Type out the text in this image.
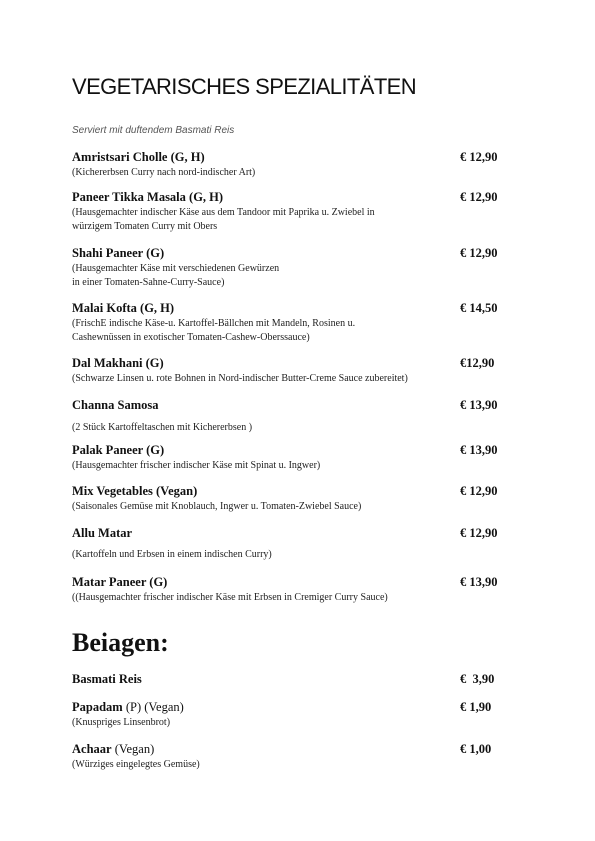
VEGETARISCHES SPEZIALITÄTEN
Serviert mit duftendem Basmati Reis
Amristsari Cholle (G, H)	€ 12,90
(Kichererbsen Curry nach nord-indischer Art)
Paneer Tikka Masala (G, H)	€ 12,90
(Hausgemachter indischer Käse aus dem Tandoor mit Paprika u. Zwiebel in
würzigem Tomaten Curry mit Obers
Shahi Paneer (G)	€ 12,90
(Hausgemachter Käse mit verschiedenen Gewürzen
in einer Tomaten-Sahne-Curry-Sauce)
Malai Kofta (G, H)	€ 14,50
(FrischE indische Käse-u. Kartoffel-Bällchen mit Mandeln, Rosinen u.
Cashewnüssen in exotischer Tomaten-Cashew-Oberssauce)
Dal Makhani (G)	€12,90
(Schwarze Linsen u. rote Bohnen in Nord-indischer Butter-Creme Sauce zubereitet)
Channa Samosa	€ 13,90
(2 Stück Kartoffeltaschen mit Kichererbsen )
Palak Paneer (G)	€ 13,90
(Hausgemachter frischer indischer Käse mit Spinat u. Ingwer)
Mix Vegetables (Vegan)	€ 12,90
(Saisonales Gemüse mit Knoblauch, Ingwer u. Tomaten-Zwiebel Sauce)
Allu Matar	€ 12,90
(Kartoffeln und Erbsen in einem indischen Curry)
Matar Paneer (G)	€ 13,90
((Hausgemachter frischer indischer Käse mit Erbsen in Cremiger Curry Sauce)
Beiagen:
Basmati Reis	€  3,90
Papadam (P) (Vegan)	€ 1,90
(Knuspriges Linsenbrot)
Achaar (Vegan)	€ 1,00
(Würziges eingelegtes Gemüse)
